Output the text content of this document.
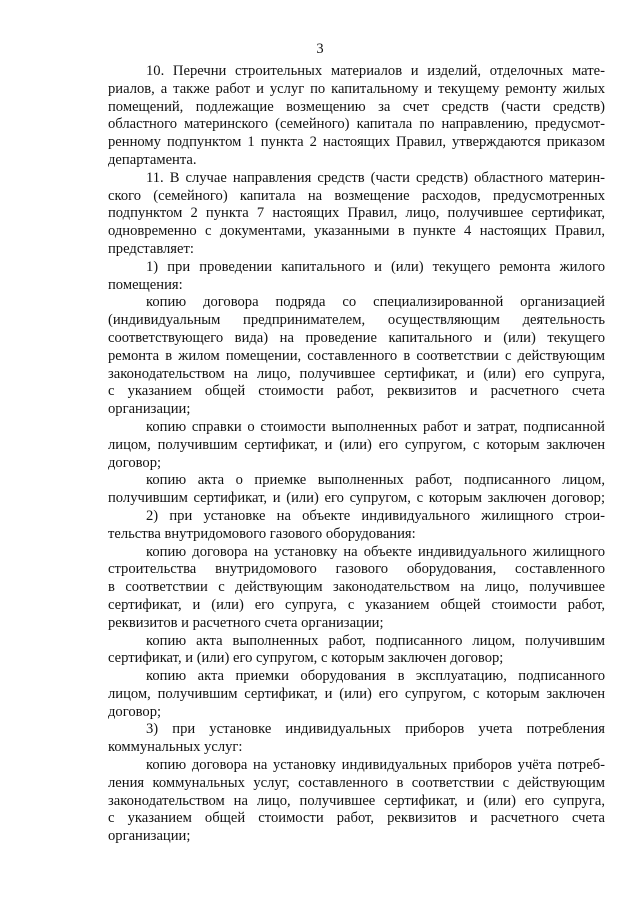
3
10. Перечни строительных материалов и изделий, отделочных мате-
риалов, а также работ и услуг по капитальному и текущему ремонту жилых
помещений, подлежащие возмещению за счет средств (части средств)
областного материнского (семейного) капитала по направлению, предусмот-
ренному подпунктом 1 пункта 2 настоящих Правил, утверждаются приказом
департамента.
11. В случае направления средств (части средств) областного материн-
ского (семейного) капитала на возмещение расходов, предусмотренных
подпунктом 2 пункта 7 настоящих Правил, лицо, получившее сертификат,
одновременно с документами, указанными в пункте 4 настоящих Правил,
представляет:
1) при проведении капитального и (или) текущего ремонта жилого
помещения:
копию договора подряда со специализированной организацией
(индивидуальным предпринимателем, осуществляющим деятельность
соответствующего вида) на проведение капитального и (или) текущего
ремонта в жилом помещении, составленного в соответствии с действующим
законодательством на лицо, получившее сертификат, и (или) его супруга,
с указанием общей стоимости работ, реквизитов и расчетного счета
организации;
копию справки о стоимости выполненных работ и затрат, подписанной
лицом, получившим сертификат, и (или) его супругом, с которым заключен
договор;
копию акта о приемке выполненных работ, подписанного лицом,
получившим сертификат, и (или) его супругом, с которым заключен договор;
2) при установке на объекте индивидуального жилищного строи-
тельства внутридомового газового оборудования:
копию договора на установку на объекте индивидуального жилищного
строительства внутридомового газового оборудования, составленного
в соответствии с действующим законодательством на лицо, получившее
сертификат, и (или) его супруга, с указанием общей стоимости работ,
реквизитов и расчетного счета организации;
копию акта выполненных работ, подписанного лицом, получившим
сертификат, и (или) его супругом, с которым заключен договор;
копию акта приемки оборудования в эксплуатацию, подписанного
лицом, получившим сертификат, и (или) его супругом, с которым заключен
договор;
3) при установке индивидуальных приборов учета потребления
коммунальных услуг:
копию договора на установку индивидуальных приборов учёта потреб-
ления коммунальных услуг, составленного в соответствии с действующим
законодательством на лицо, получившее сертификат, и (или) его супруга,
с указанием общей стоимости работ, реквизитов и расчетного счета
организации;
